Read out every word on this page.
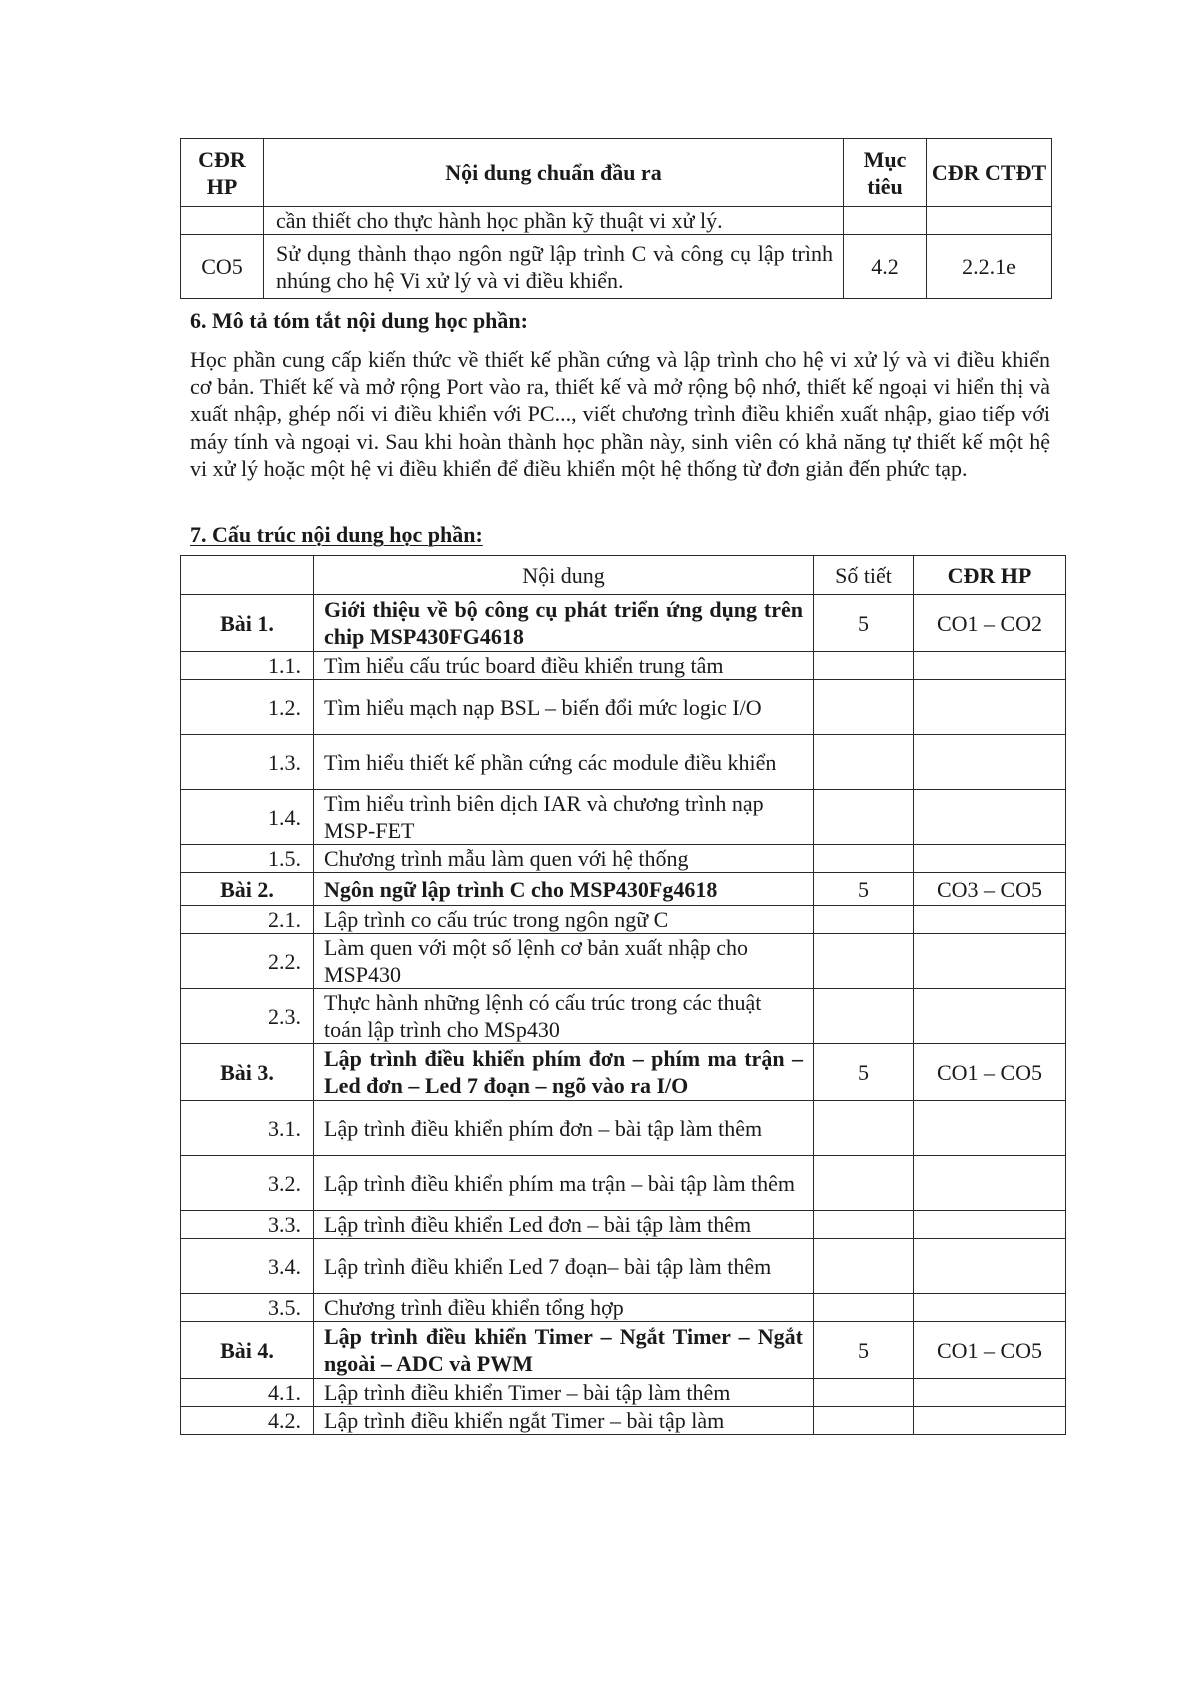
CĐR HP	Nội dung chuẩn đầu ra	Mục tiêu	CĐR CTĐT
	cần thiết cho thực hành học phần kỹ thuật vi xử lý.		
CO5	Sử dụng thành thạo ngôn ngữ lập trình C và công cụ lập trình nhúng cho hệ Vi xử lý và vi điều khiển.	4.2	2.2.1e
6. Mô tả tóm tắt nội dung học phần:
Học phần cung cấp kiến thức về thiết kế phần cứng và lập trình cho hệ vi xử lý và vi điều khiển cơ bản. Thiết kế và mở rộng Port vào ra, thiết kế và mở rộng bộ nhớ, thiết kế ngoại vi hiển thị và xuất nhập, ghép nối vi điều khiển với PC..., viết chương trình điều khiển xuất nhập, giao tiếp với máy tính và ngoại vi. Sau khi hoàn thành học phần này, sinh viên có khả năng tự thiết kế một hệ vi xử lý hoặc một hệ vi điều khiển để điều khiển một hệ thống từ đơn giản đến phức tạp.
7. Cấu trúc nội dung học phần:
	Nội dung	Số tiết	CĐR HP
Bài 1.	Giới thiệu về bộ công cụ phát triển ứng dụng trên chip MSP430FG4618	5	CO1 – CO2
1.1.	Tìm hiểu cấu trúc board điều khiển trung tâm		
1.2.	Tìm hiểu mạch nạp BSL – biến đổi mức logic I/O		
1.3.	Tìm hiểu thiết kế phần cứng các module điều khiển		
1.4.	Tìm hiểu trình biên dịch IAR và chương trình nạp MSP-FET		
1.5.	Chương trình mẫu làm quen với hệ thống		
Bài 2.	Ngôn ngữ lập trình C cho MSP430Fg4618	5	CO3 – CO5
2.1.	Lập trình co cấu trúc trong ngôn ngữ C		
2.2.	Làm quen với một số lệnh cơ bản xuất nhập cho MSP430		
2.3.	Thực hành những lệnh có cấu trúc trong các thuật toán lập trình cho MSp430		
Bài 3.	Lập trình điều khiển phím đơn – phím ma trận – Led đơn – Led 7 đoạn – ngõ vào ra I/O	5	CO1 – CO5
3.1.	Lập trình điều khiển phím đơn – bài tập làm thêm		
3.2.	Lập trình điều khiển phím ma trận – bài tập làm thêm		
3.3.	Lập trình điều khiển Led đơn – bài tập làm thêm		
3.4.	Lập trình điều khiển Led 7 đoạn– bài tập làm thêm		
3.5.	Chương trình điều khiển tổng hợp		
Bài 4.	Lập trình điều khiển Timer – Ngắt Timer – Ngắt ngoài – ADC và PWM	5	CO1 – CO5
4.1.	Lập trình điều khiển Timer – bài tập làm thêm		
4.2.	Lập trình điều khiển ngắt Timer – bài tập làm		
